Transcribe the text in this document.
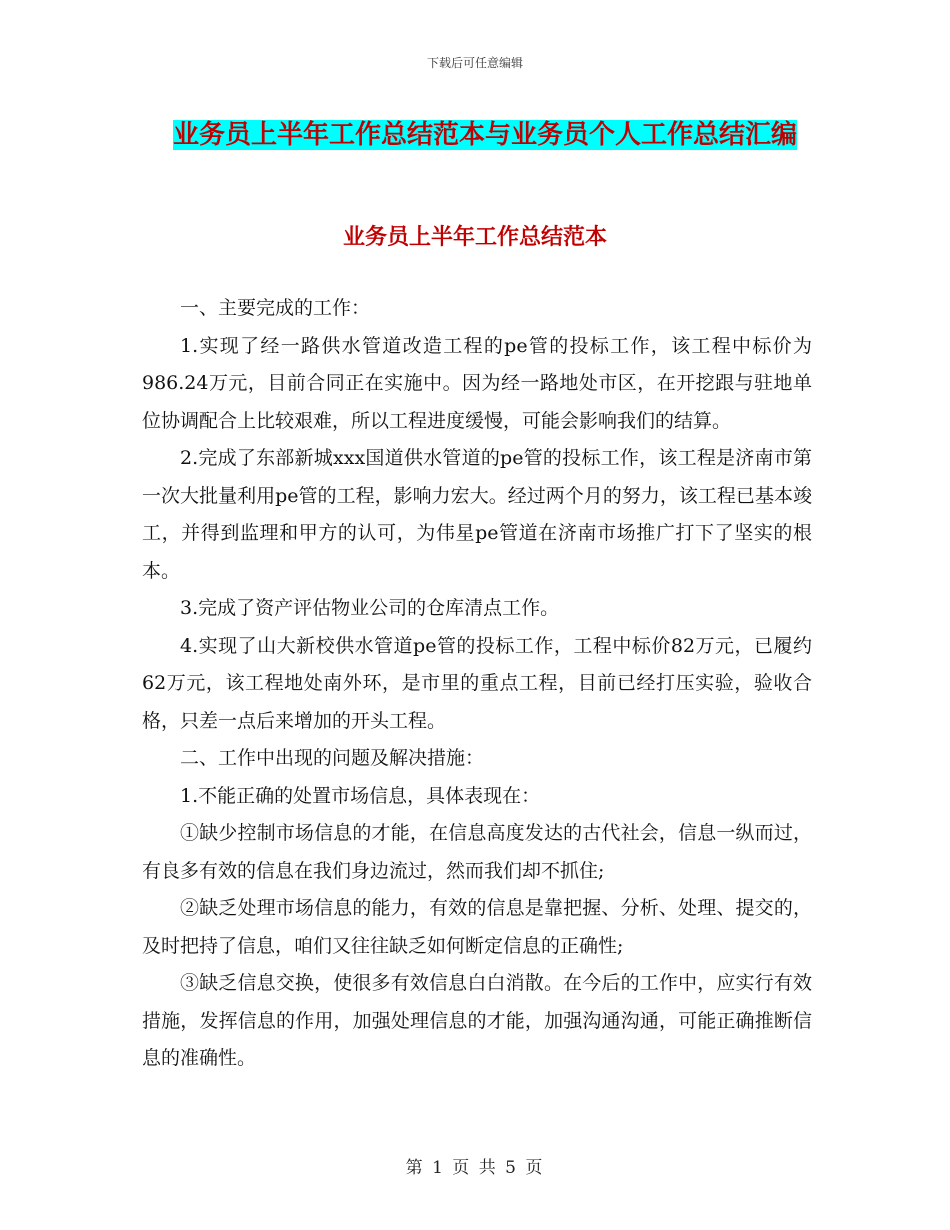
下载后可任意编辑
业务员上半年工作总结范本与业务员个人工作总结汇编
业务员上半年工作总结范本

一、主要完成的工作：

1.实现了经一路供水管道改造工程的pe管的投标工作，该工程中标价为986.24万元，目前合同正在实施中。因为经一路地处市区，在开挖跟与驻地单位协调配合上比较艰难，所以工程进度缓慢，可能会影响我们的结算。

2.完成了东部新城xxx国道供水管道的pe管的投标工作，该工程是济南市第一次大批量利用pe管的工程，影响力宏大。经过两个月的努力，该工程已基本竣工，并得到监理和甲方的认可，为伟星pe管道在济南市场推广打下了坚实的根本。

3.完成了资产评估物业公司的仓库清点工作。

4.实现了山大新校供水管道pe管的投标工作，工程中标价82万元，已履约62万元，该工程地处南外环，是市里的重点工程，目前已经打压实验，验收合格，只差一点后来增加的开头工程。

二、工作中出现的问题及解决措施：

1.不能正确的处置市场信息，具体表现在：

①缺少控制市场信息的才能，在信息高度发达的古代社会，信息一纵而过，有良多有效的信息在我们身边流过，然而我们却不抓住;

②缺乏处理市场信息的能力，有效的信息是靠把握、分析、处理、提交的，及时把持了信息，咱们又往往缺乏如何断定信息的正确性;

③缺乏信息交换，使很多有效信息白白消散。在今后的工作中，应实行有效措施，发挥信息的作用，加强处理信息的才能，加强沟通沟通，可能正确推断信息的准确性。

第 1 页 共 5 页
